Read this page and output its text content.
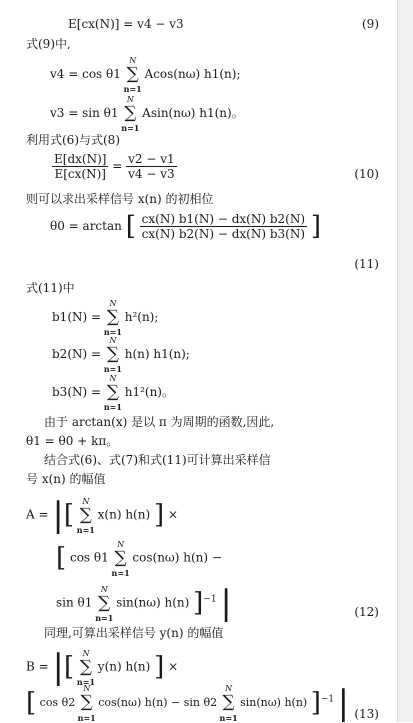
E[cx(N)] = v4 − v3	(9)
式(9)中,
v4 = cos θ1
N
∑
n=1
Acos(nω) h1(n);
v3 = sin θ1
N
∑
n=1
Asin(nω) h1(n)。
利用式(6)与式(8)
$\frac{E[dx(N)]}{E[cx(N)]} = \frac{v2 - v1}{v4 - v3}$	(10)
则可以求出采样信号 x(n) 的初相位
θ0 = arctan [ $\frac{cx(N) b1(N) - dx(N) b2(N)}{cx(N) b2(N) - dx(N) b3(N)}$ ]
(11)
式(11)中
b1(N) =
N
∑
n=1
h²(n);
b2(N) =
N
∑
n=1
h(n) h1(n);
b3(N) =
N
∑
n=1
h1²(n)。
由于 arctan(x) 是以 π 为周期的函数,因此,
θ1 = θ0 + kπ。
结合式(6)、式(7)和式(11)可计算出采样信
号 x(n) 的幅值
A = |[	N
∑
n=1
x(n) h(n) ] ×
[ cos θ1
N
∑
n=1
cos(nω) h(n) −
sin θ1
N
∑
n=1
sin(nω) h(n) ]$^{-1}$ |	(12)
同理,可算出采样信号 y(n) 的幅值
B = |[	N
∑
n=1
y(n) h(n) ] ×
[ cos θ2
N
∑
n=1
cos(nω) h(n) − sin θ2
N
∑
n=1
sin(nω) h(n) ]$^{-1}$ | (13)
